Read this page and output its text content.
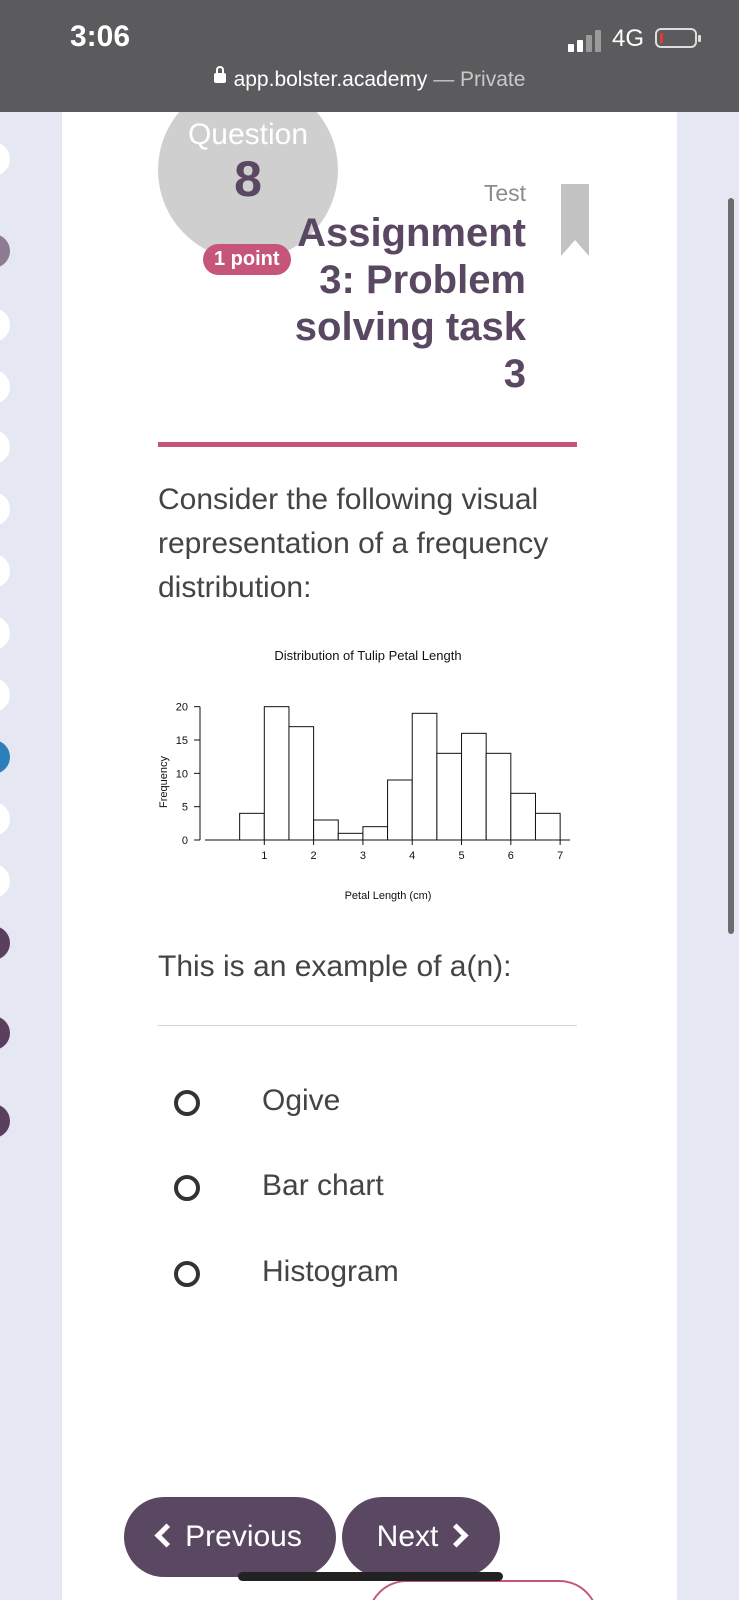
3:06	4G
app.bolster.academy — Private
Question
8
1 point
Test
Assignment 3: Problem solving task 3
Consider the following visual representation of a frequency distribution:
Distribution of Tulip Petal Length
Frequency
Petal Length (cm)
1	2	3	4	5	6	7
0
5
10
15
20
This is an example of a(n):
Ogive
Bar chart
Histogram
Previous	Next
